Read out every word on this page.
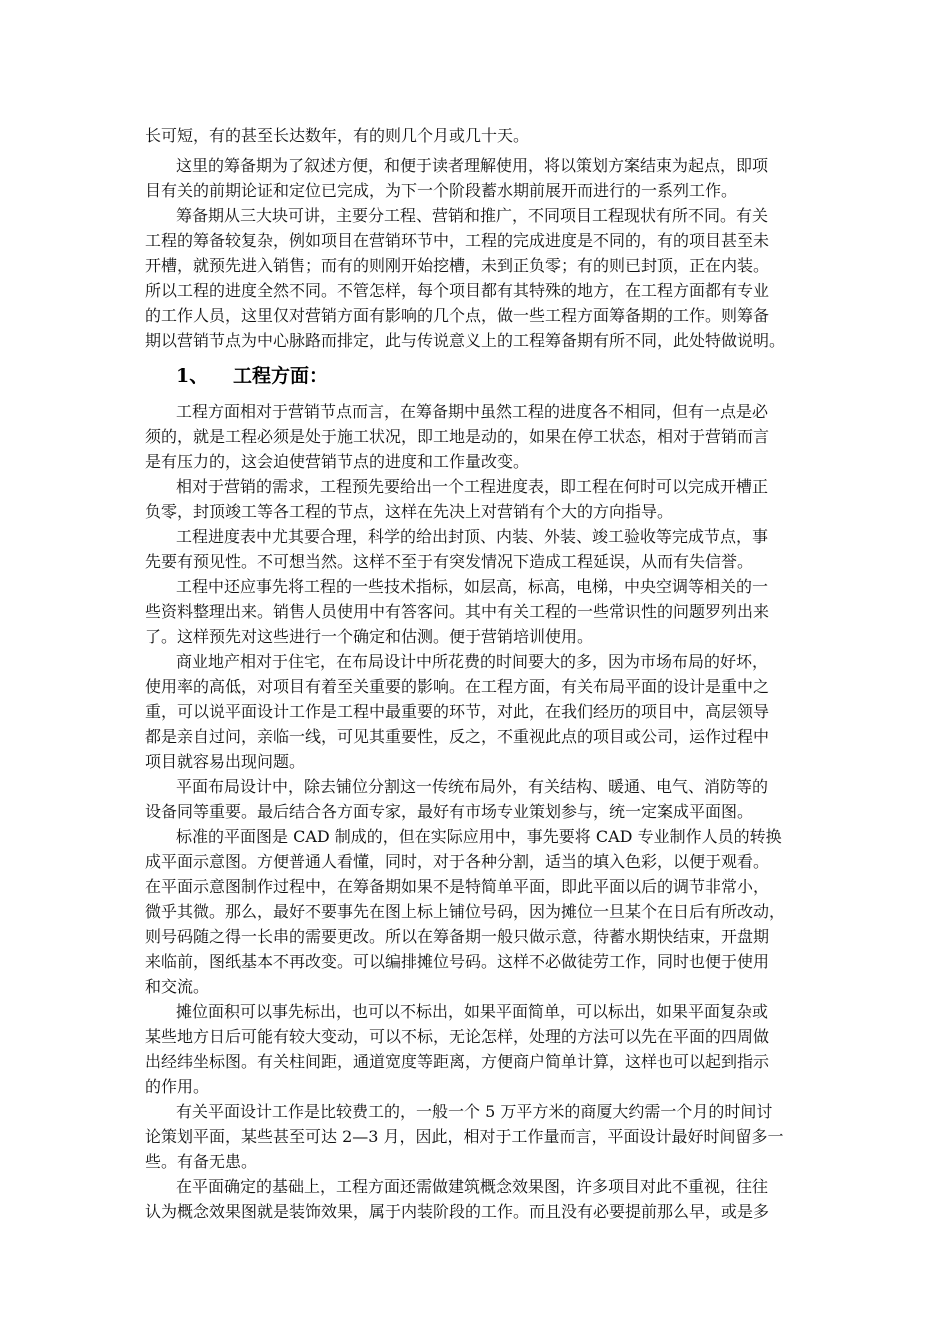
长可短，有的甚至长达数年，有的则几个月或几十天。
这里的筹备期为了叙述方便，和便于读者理解使用，将以策划方案结束为起点，即项
目有关的前期论证和定位已完成，为下一个阶段蓄水期前展开而进行的一系列工作。
筹备期从三大块可讲，主要分工程、营销和推广，不同项目工程现状有所不同。有关
工程的筹备较复杂，例如项目在营销环节中，工程的完成进度是不同的，有的项目甚至未
开槽，就预先进入销售；而有的则刚开始挖槽，未到正负零；有的则已封顶，正在内装。
所以工程的进度全然不同。不管怎样，每个项目都有其特殊的地方，在工程方面都有专业
的工作人员，这里仅对营销方面有影响的几个点，做一些工程方面筹备期的工作。则筹备
期以营销节点为中心脉路而排定，此与传说意义上的工程筹备期有所不同，此处特做说明。
1、 工程方面：
工程方面相对于营销节点而言，在筹备期中虽然工程的进度各不相同，但有一点是必
须的，就是工程必须是处于施工状况，即工地是动的，如果在停工状态，相对于营销而言
是有压力的，这会迫使营销节点的进度和工作量改变。
相对于营销的需求，工程预先要给出一个工程进度表，即工程在何时可以完成开槽正
负零，封顶竣工等各工程的节点，这样在先决上对营销有个大的方向指导。
工程进度表中尤其要合理，科学的给出封顶、内装、外装、竣工验收等完成节点，事
先要有预见性。不可想当然。这样不至于有突发情况下造成工程延误，从而有失信誉。
工程中还应事先将工程的一些技术指标，如层高，标高，电梯，中央空调等相关的一
些资料整理出来。销售人员使用中有答客问。其中有关工程的一些常识性的问题罗列出来
了。这样预先对这些进行一个确定和估测。便于营销培训使用。
商业地产相对于住宅，在布局设计中所花费的时间要大的多，因为市场布局的好坏，
使用率的高低，对项目有着至关重要的影响。在工程方面，有关布局平面的设计是重中之
重，可以说平面设计工作是工程中最重要的环节，对此，在我们经历的项目中，高层领导
都是亲自过问，亲临一线，可见其重要性，反之，不重视此点的项目或公司，运作过程中
项目就容易出现问题。
平面布局设计中，除去铺位分割这一传统布局外，有关结构、暖通、电气、消防等的
设备同等重要。最后结合各方面专家，最好有市场专业策划参与，统一定案成平面图。
标准的平面图是 CAD 制成的，但在实际应用中，事先要将 CAD 专业制作人员的转换
成平面示意图。方便普通人看懂，同时，对于各种分割，适当的填入色彩，以便于观看。
在平面示意图制作过程中，在筹备期如果不是特简单平面，即此平面以后的调节非常小，
微乎其微。那么，最好不要事先在图上标上铺位号码，因为摊位一旦某个在日后有所改动，
则号码随之得一长串的需要更改。所以在筹备期一般只做示意，待蓄水期快结束，开盘期
来临前，图纸基本不再改变。可以编排摊位号码。这样不必做徒劳工作，同时也便于使用
和交流。
摊位面积可以事先标出，也可以不标出，如果平面简单，可以标出，如果平面复杂或
某些地方日后可能有较大变动，可以不标，无论怎样，处理的方法可以先在平面的四周做
出经纬坐标图。有关柱间距，通道宽度等距离，方便商户简单计算，这样也可以起到指示
的作用。
有关平面设计工作是比较费工的，一般一个 5 万平方米的商厦大约需一个月的时间讨
论策划平面，某些甚至可达 2—3 月，因此，相对于工作量而言，平面设计最好时间留多一
些。有备无患。
在平面确定的基础上，工程方面还需做建筑概念效果图，许多项目对此不重视，往往
认为概念效果图就是装饰效果，属于内装阶段的工作。而且没有必要提前那么早，或是多
